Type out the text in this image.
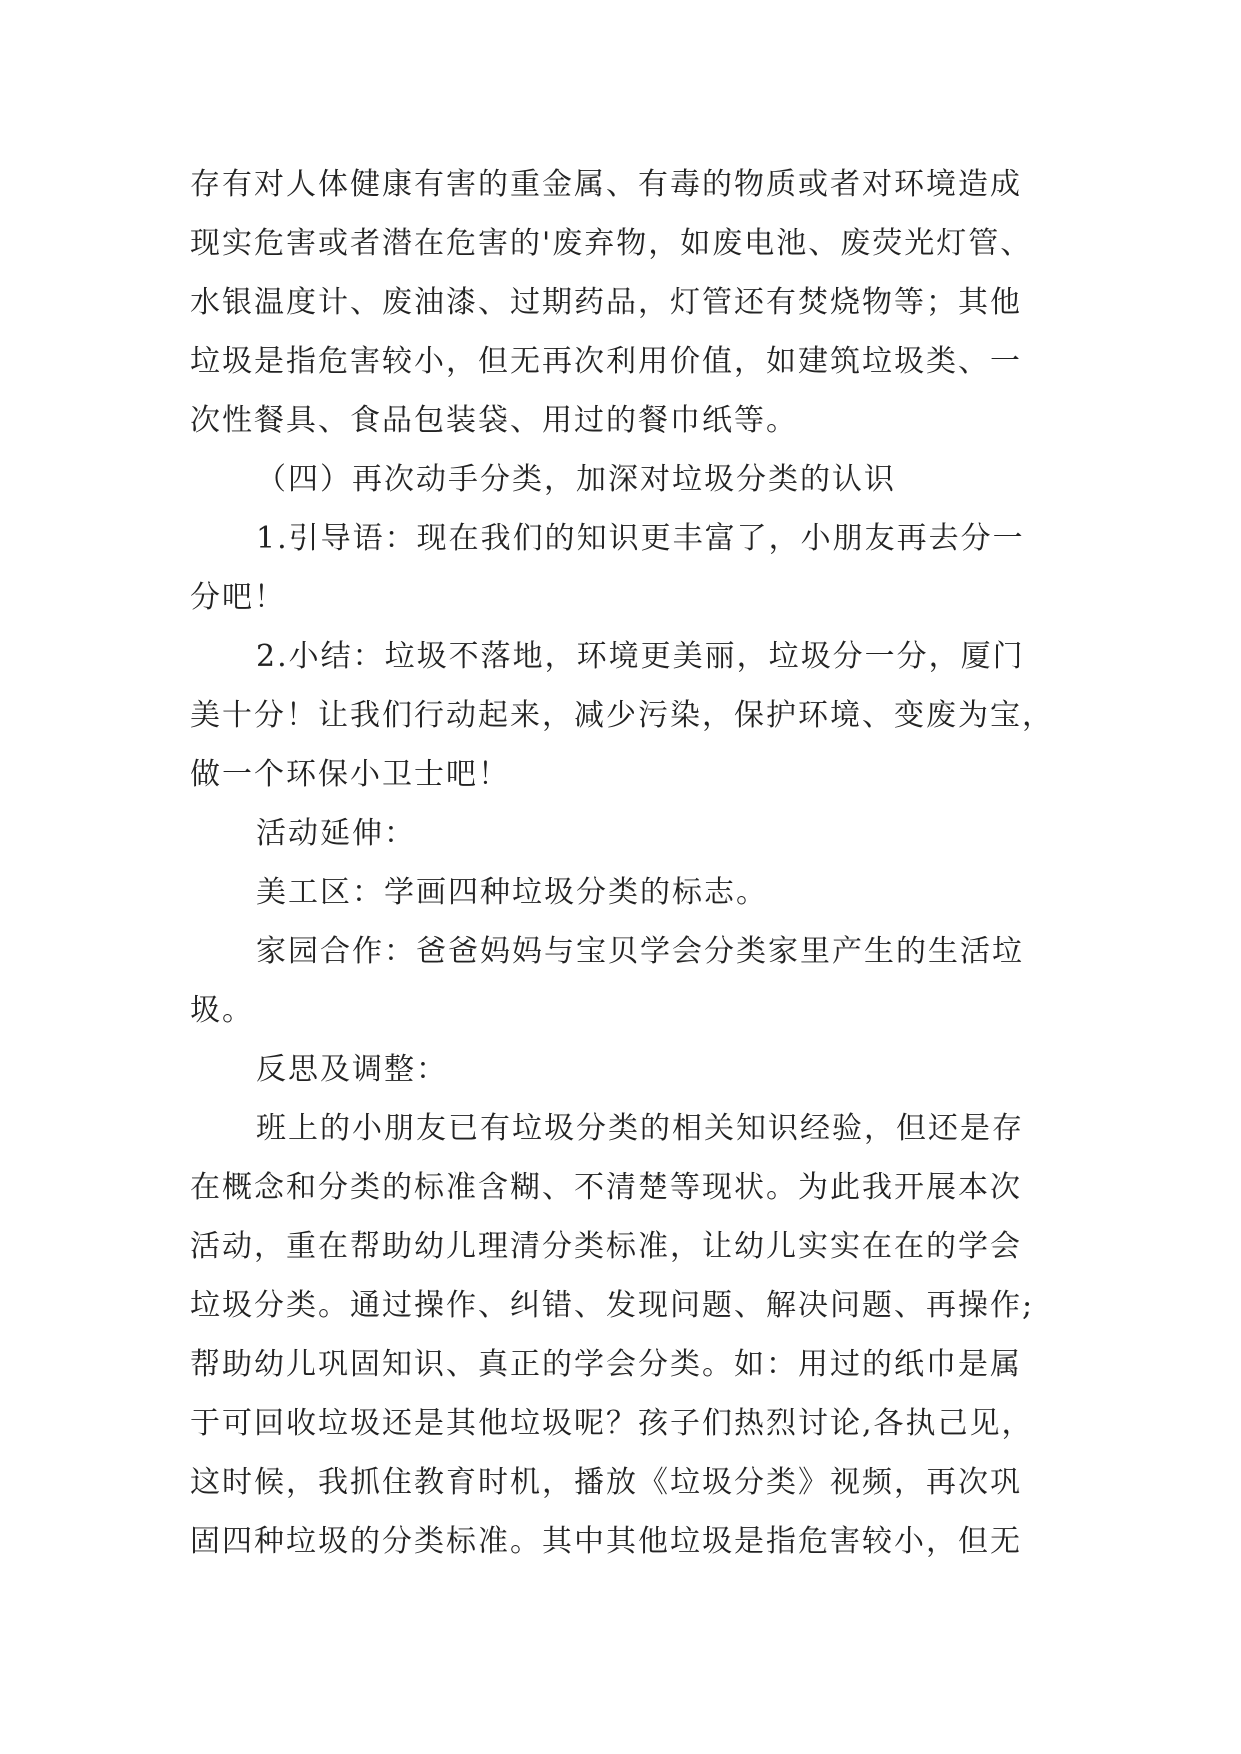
存有对人体健康有害的重金属、有毒的物质或者对环境造成
现实危害或者潜在危害的'废弃物，如废电池、废荧光灯管、
水银温度计、废油漆、过期药品，灯管还有焚烧物等；其他
垃圾是指危害较小，但无再次利用价值，如建筑垃圾类、一
次性餐具、食品包装袋、用过的餐巾纸等。
（四）再次动手分类，加深对垃圾分类的认识
1.引导语：现在我们的知识更丰富了，小朋友再去分一
分吧！
2.小结：垃圾不落地，环境更美丽，垃圾分一分，厦门
美十分！让我们行动起来，减少污染，保护环境、变废为宝，
做一个环保小卫士吧！
活动延伸：
美工区：学画四种垃圾分类的标志。
家园合作：爸爸妈妈与宝贝学会分类家里产生的生活垃
圾。
反思及调整：
班上的小朋友已有垃圾分类的相关知识经验，但还是存
在概念和分类的标准含糊、不清楚等现状。为此我开展本次
活动，重在帮助幼儿理清分类标准，让幼儿实实在在的学会
垃圾分类。通过操作、纠错、发现问题、解决问题、再操作;
帮助幼儿巩固知识、真正的学会分类。如：用过的纸巾是属
于可回收垃圾还是其他垃圾呢？孩子们热烈讨论,各执己见，
这时候，我抓住教育时机，播放《垃圾分类》视频，再次巩
固四种垃圾的分类标准。其中其他垃圾是指危害较小，但无
